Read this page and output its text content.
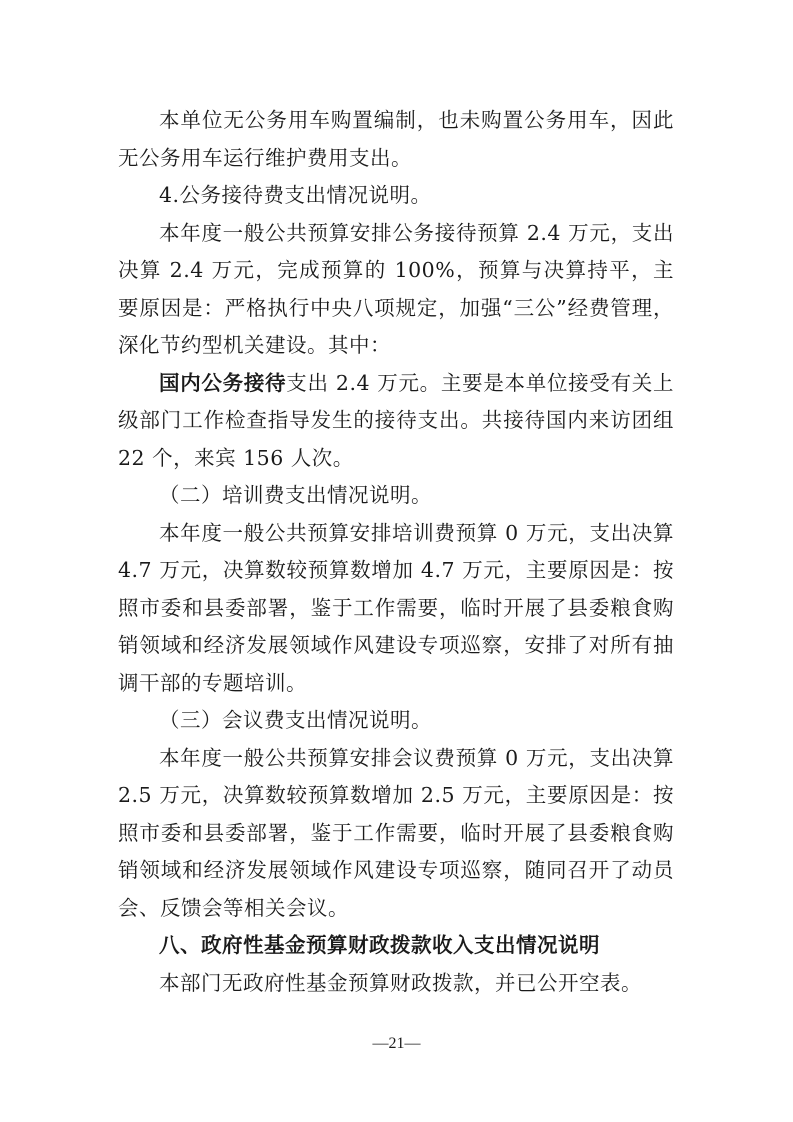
本单位无公务用车购置编制，也未购置公务用车，因此无公务用车运行维护费用支出。

4.公务接待费支出情况说明。

本年度一般公共预算安排公务接待预算 2.4 万元，支出决算 2.4 万元，完成预算的 100%，预算与决算持平，主要原因是：严格执行中央八项规定，加强“三公”经费管理，深化节约型机关建设。其中：

国内公务接待支出 2.4 万元。主要是本单位接受有关上级部门工作检查指导发生的接待支出。共接待国内来访团组 22 个，来宾 156 人次。

（二）培训费支出情况说明。

本年度一般公共预算安排培训费预算 0 万元，支出决算 4.7 万元，决算数较预算数增加 4.7 万元，主要原因是：按照市委和县委部署，鉴于工作需要，临时开展了县委粮食购销领域和经济发展领域作风建设专项巡察，安排了对所有抽调干部的专题培训。

（三）会议费支出情况说明。

本年度一般公共预算安排会议费预算 0 万元，支出决算 2.5 万元，决算数较预算数增加 2.5 万元，主要原因是：按照市委和县委部署，鉴于工作需要，临时开展了县委粮食购销领域和经济发展领域作风建设专项巡察，随同召开了动员会、反馈会等相关会议。

八、政府性基金预算财政拨款收入支出情况说明

本部门无政府性基金预算财政拨款，并已公开空表。

—21—
